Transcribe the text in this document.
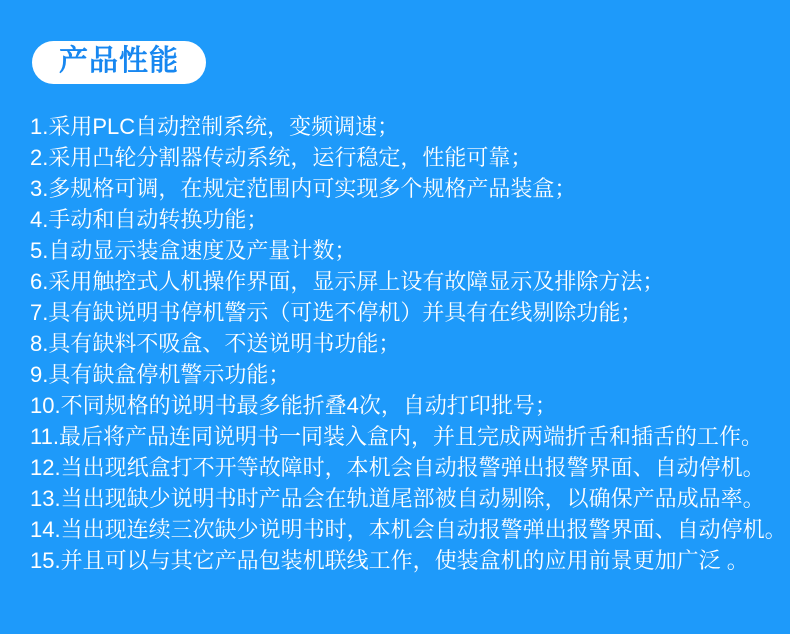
产品性能
1.采用PLC自动控制系统，变频调速；
2.采用凸轮分割器传动系统，运行稳定，性能可靠；
3.多规格可调，在规定范围内可实现多个规格产品装盒；
4.手动和自动转换功能；
5.自动显示装盒速度及产量计数；
6.采用触控式人机操作界面，显示屏上设有故障显示及排除方法；
7.具有缺说明书停机警示（可选不停机）并具有在线剔除功能；
8.具有缺料不吸盒、不送说明书功能；
9.具有缺盒停机警示功能；
10.不同规格的说明书最多能折叠4次，自动打印批号；
11.最后将产品连同说明书一同装入盒内，并且完成两端折舌和插舌的工作。
12.当出现纸盒打不开等故障时，本机会自动报警弹出报警界面、自动停机。
13.当出现缺少说明书时产品会在轨道尾部被自动剔除，以确保产品成品率。
14.当出现连续三次缺少说明书时，本机会自动报警弹出报警界面、自动停机。
15.并且可以与其它产品包装机联线工作，使装盒机的应用前景更加广泛 。
